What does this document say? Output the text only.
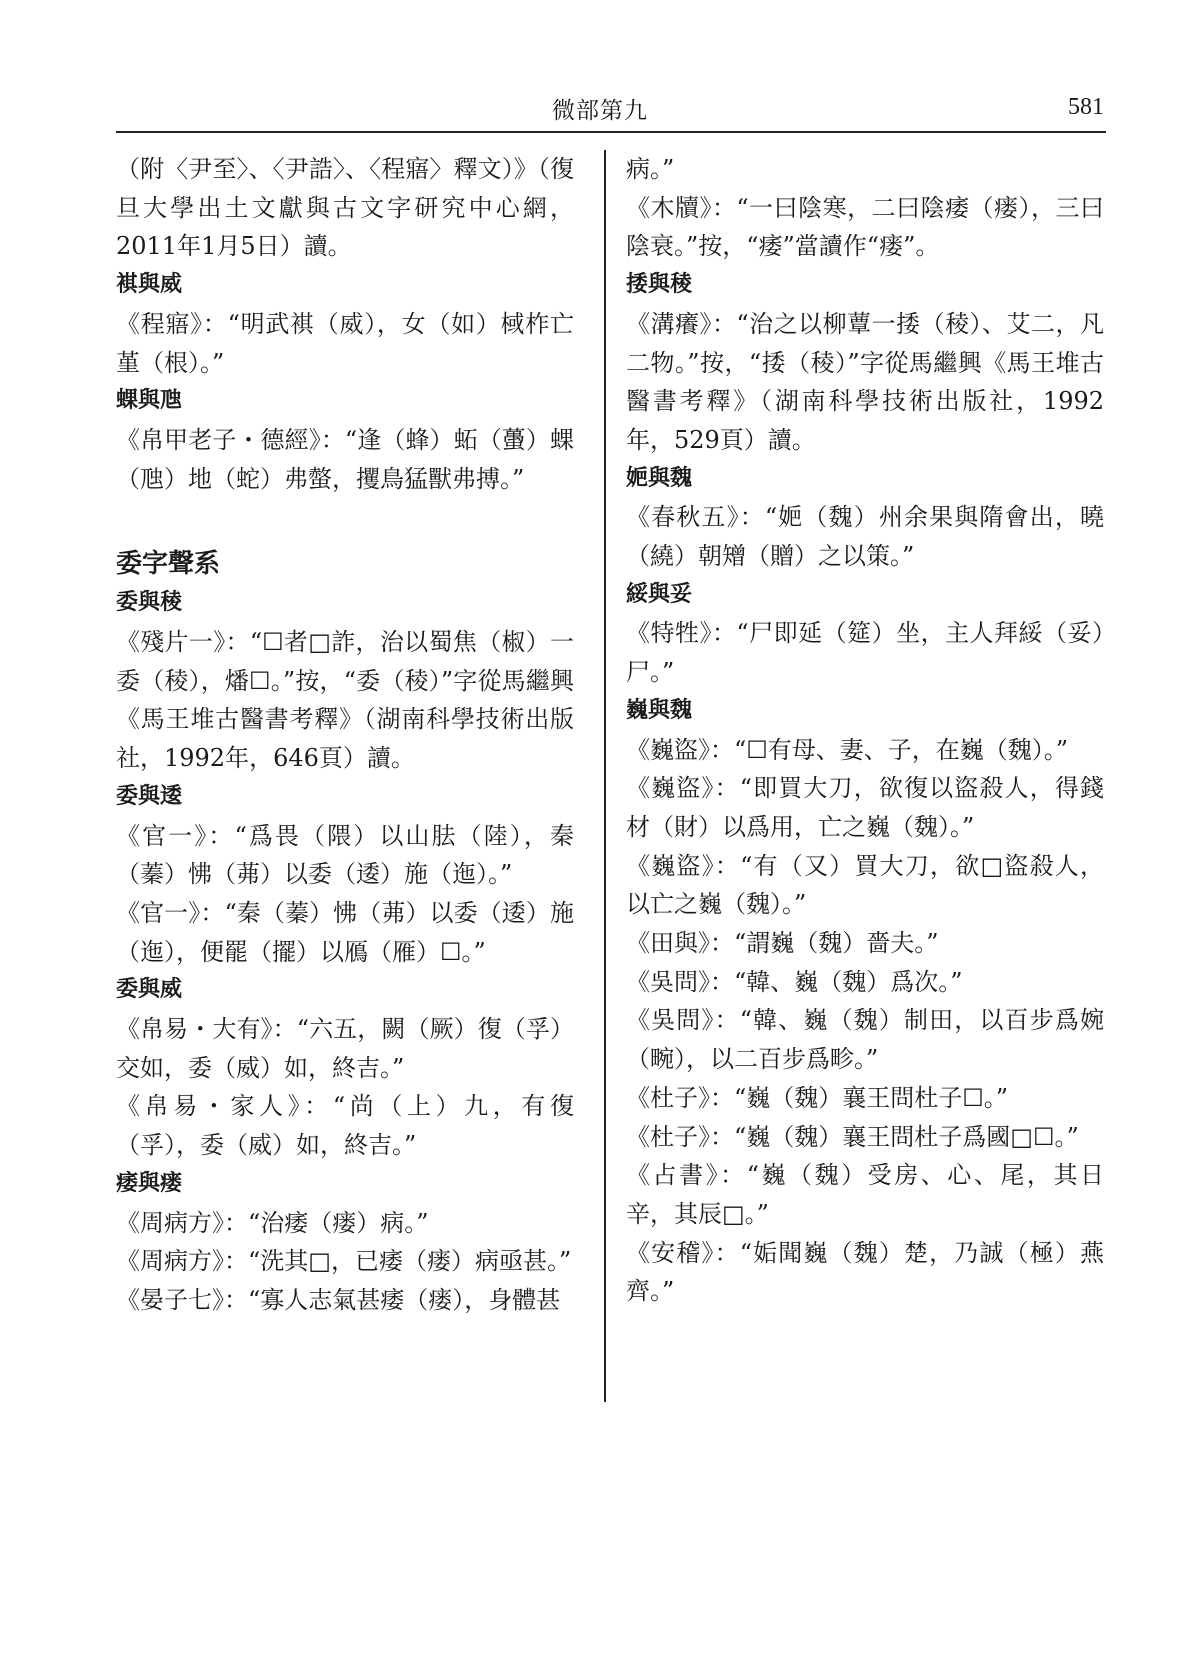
微部第九	581

（附〈尹至〉、〈尹誥〉、〈程寤〉釋文）》（復旦大學出土文獻與古文字研究中心網，2011年1月5日）讀。

褀與威

《程寤》：“明武褀（威），女（如）棫柞亡堇（根）。”

蜾與虺

《帛甲老子・德經》：“逢（蜂）䖨（蠆）蜾（虺）地（蛇）弗螫，攫鳥猛獸弗搏。”

委字聲系

委與稜

《殘片一》：“☐者□詐，治以蜀焦（椒）一委（稜），燔☐。”按，“委（稜）”字從馬繼興《馬王堆古醫書考釋》（湖南科學技術出版社，1992年，646頁）讀。

委與逶

《官一》：“爲畏（隈）以山胠（陸），秦（蓁）怫（茀）以委（逶）施（迤）。”

《官一》：“秦（蓁）怫（茀）以委（逶）施（迤），便罷（擺）以鴈（雁）☐。”

委與威

《帛易・大有》：“六五，闕（厥）復（孚）交如，委（威）如，終吉。”

《帛易・家人》：“尚（上）九，有復（孚），委（威）如，終吉。”

痿與瘘

《周病方》：“治痿（瘘）病。”

《周病方》：“洗其□，已痿（瘘）病亟甚。”

《晏子七》：“寡人志氣甚痿（瘘），身體甚

病。”

《木牘》：“一曰陰寒，二曰陰痿（瘘），三曰陰衰。”按，“痿”當讀作“瘘”。

捼與稜

《溝癢》：“治之以柳蕈一捼（稜）、艾二，凡二物。”按，“捼（稜）”字從馬繼興《馬王堆古醫書考釋》（湖南科學技術出版社，1992年，529頁）讀。

㛂與魏

《春秋五》：“㛂（魏）州余果與隋會出，曉（繞）朝矰（贈）之以策。”

綏與妥

《特牲》：“尸即延（筵）坐，主人拜綏（妥）尸。”

巍與魏

《巍盜》：“☐有母、妻、子，在巍（魏）。”

《巍盜》：“即買大刀，欲復以盜殺人，得錢材（財）以爲用，亡之巍（魏）。”

《巍盜》：“有（又）買大刀，欲□盜殺人，以亡之巍（魏）。”

《田與》：“謂巍（魏）嗇夫。”

《吳問》：“韓、巍（魏）爲次。”

《吳問》：“韓、巍（魏）制田，以百步爲婉（畹），以二百步爲畛。”

《杜子》：“巍（魏）襄王問杜子☐。”

《杜子》：“巍（魏）襄王問杜子爲國□☐。”

《占書》：“巍（魏）受房、心、尾，其日辛，其辰□。”

《安稽》：“姤聞巍（魏）楚，乃誠（極）燕齊。”
